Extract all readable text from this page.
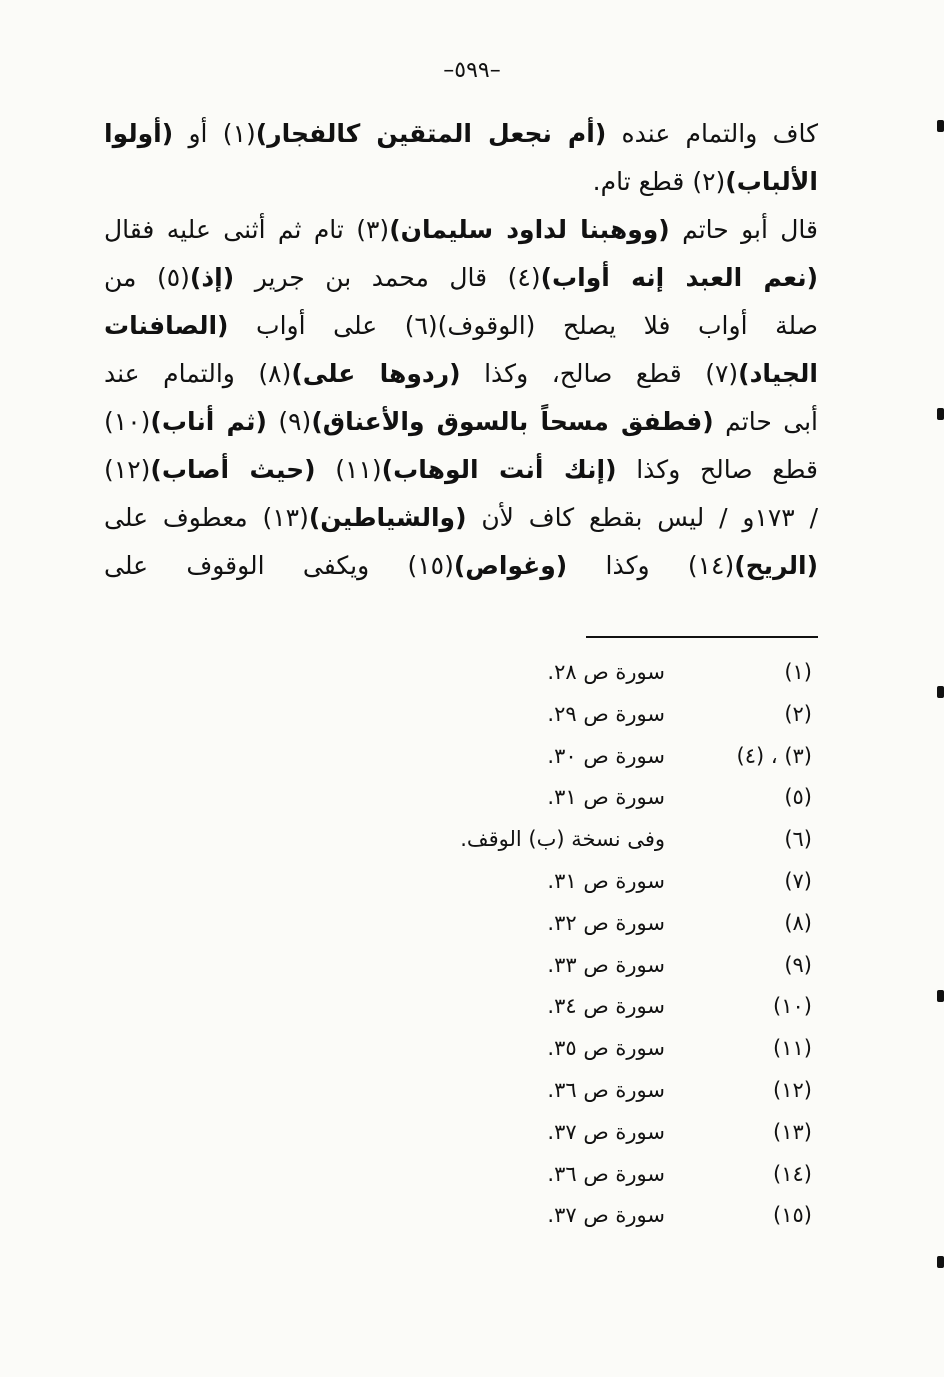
–٥٩٩–
كاف والتمام عنده (أم نجعل المتقين كالفجار)(١) أو (أولوا
الألباب)(٢) قطع تام.
قال أبو حاتم (ووهبنا لداود سليمان)(٣) تام ثم أثنى عليه فقال
(نعم العبد إنه أواب)(٤) قال محمد بن جرير (إذ)(٥) من
صلة أواب فلا يصلح (الوقوف)(٦) على أواب (الصافنات
الجياد)(٧) قطع صالح، وكذا (ردوها على)(٨) والتمام عند
أبى حاتم (فطفق مسحاً بالسوق والأعناق)(٩) (ثم أناب)(١٠)
قطع صالح وكذا (إنك أنت الوهاب)(١١) (حيث أصاب)(١٢)
/ ١٧٣و / ليس بقطع كاف لأن (والشياطين)(١٣) معطوف على
(الريح)(١٤) وكذا (وغواص)(١٥) ويكفى الوقوف على
(١)
سورة ص ٢٨.
(٢)
سورة ص ٢٩.
(٣) ، (٤)
سورة ص ٣٠.
(٥)
سورة ص ٣١.
(٦)
وفى نسخة (ب) الوقف.
(٧)
سورة ص ٣١.
(٨)
سورة ص ٣٢.
(٩)
سورة ص ٣٣.
(١٠)
سورة ص ٣٤.
(١١)
سورة ص ٣٥.
(١٢)
سورة ص ٣٦.
(١٣)
سورة ص ٣٧.
(١٤)
سورة ص ٣٦.
(١٥)
سورة ص ٣٧.
